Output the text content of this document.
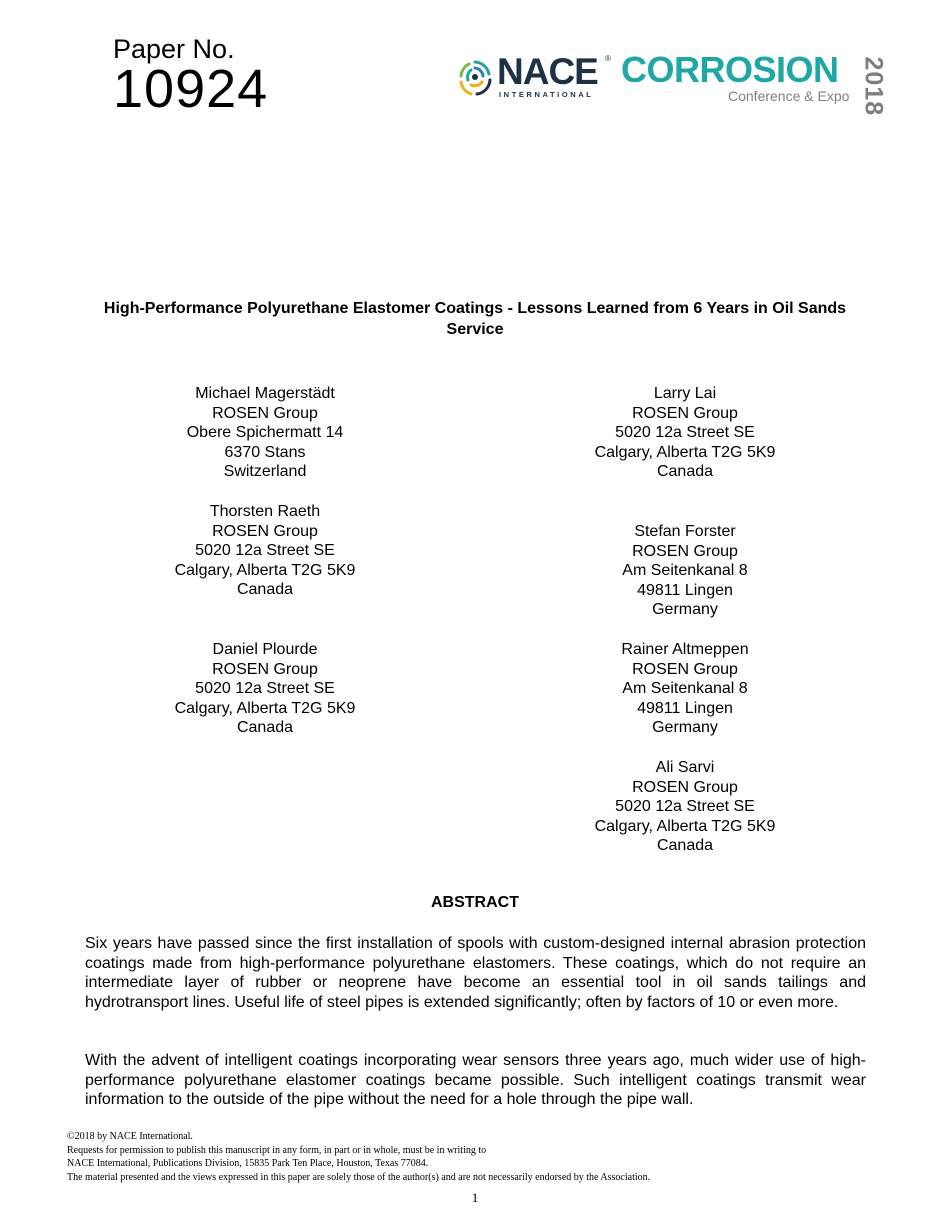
Paper No.
10924	NACE ®
INTERNATIONAL
CORROSION
Conference & Expo 2018
High-Performance Polyurethane Elastomer Coatings - Lessons Learned from 6 Years in Oil Sands Service
Michael Magerstädt
ROSEN Group
Obere Spichermatt 14
6370 Stans
Switzerland
Thorsten Raeth
ROSEN Group
5020 12a Street SE
Calgary, Alberta T2G 5K9
Canada
Daniel Plourde
ROSEN Group
5020 12a Street SE
Calgary, Alberta T2G 5K9
Canada
Larry Lai
ROSEN Group
5020 12a Street SE
Calgary, Alberta T2G 5K9
Canada
Stefan Forster
ROSEN Group
Am Seitenkanal 8
49811 Lingen
Germany
Rainer Altmeppen
ROSEN Group
Am Seitenkanal 8
49811 Lingen
Germany
Ali Sarvi
ROSEN Group
5020 12a Street SE
Calgary, Alberta T2G 5K9
Canada
ABSTRACT
Six years have passed since the first installation of spools with custom-designed internal abrasion protection coatings made from high-performance polyurethane elastomers. These coatings, which do not require an intermediate layer of rubber or neoprene have become an essential tool in oil sands tailings and hydrotransport lines. Useful life of steel pipes is extended significantly; often by factors of 10 or even more.
With the advent of intelligent coatings incorporating wear sensors three years ago, much wider use of high-performance polyurethane elastomer coatings became possible. Such intelligent coatings transmit wear information to the outside of the pipe without the need for a hole through the pipe wall.
©2018 by NACE International.
Requests for permission to publish this manuscript in any form, in part or in whole, must be in writing to
NACE International, Publications Division, 15835 Park Ten Place, Houston, Texas 77084.
The material presented and the views expressed in this paper are solely those of the author(s) and are not necessarily endorsed by the Association.
1
